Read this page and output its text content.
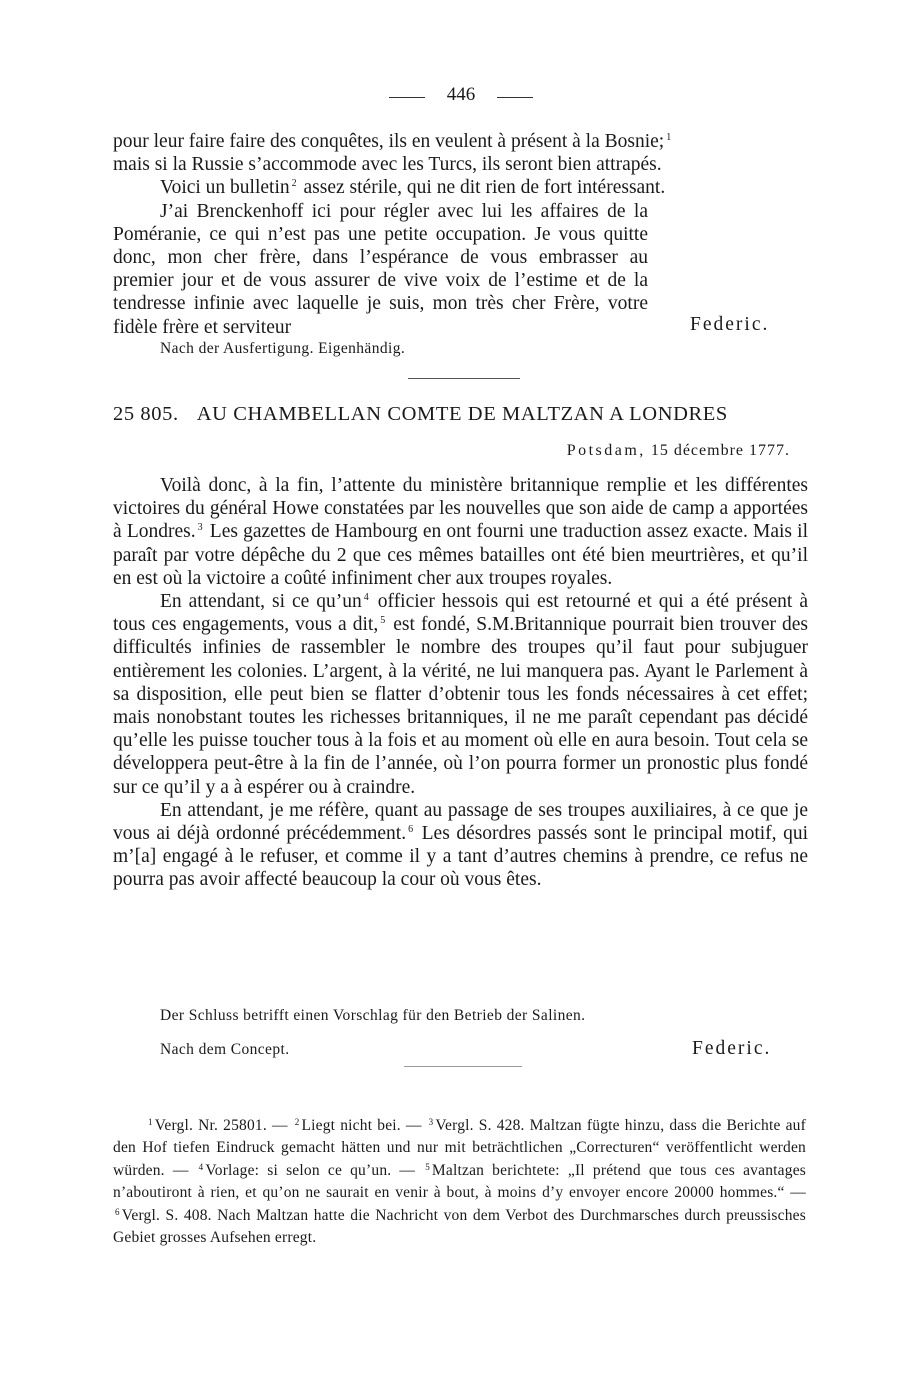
446

pour leur faire faire des conquêtes, ils en veulent à présent à la Bosnie; $^1$
mais si la Russie s’accommode avec les Turcs, ils seront bien attrapés.

Voici un bulletin $^2$ assez stérile, qui ne dit rien de fort intéressant.

J’ai Brenckenhoff ici pour régler avec lui les affaires de la Poméranie, ce qui n’est pas une petite occupation. Je vous quitte donc, mon cher frère, dans l’espérance de vous embrasser au premier jour et de vous assurer de vive voix de l’estime et de la tendresse infinie avec laquelle je suis, mon très cher Frère, votre fidèle frère et serviteur	Federic.
Nach der Ausfertigung. Eigenhändig.
25 805. AU CHAMBELLAN COMTE DE MALTZAN A LONDRES
Potsdam, 15 décembre 1777.

Voilà donc, à la fin, l’attente du ministère britannique remplie et les différentes victoires du général Howe constatées par les nouvelles que son aide de camp a apportées à Londres. $^3$ Les gazettes de Hambourg en ont fourni une traduction assez exacte. Mais il paraît par votre dépêche du 2 que ces mêmes batailles ont été bien meurtrières, et qu’il en est où la victoire a coûté infiniment cher aux troupes royales.

En attendant, si ce qu’un $^4$ officier hessois qui est retourné et qui a été présent à tous ces engagements, vous a dit, $^5$ est fondé, S.M.Britannique pourrait bien trouver des difficultés infinies de rassembler le nombre des troupes qu’il faut pour subjuguer entièrement les colonies. L’argent, à la vérité, ne lui manquera pas. Ayant le Parlement à sa disposition, elle peut bien se flatter d’obtenir tous les fonds nécessaires à cet effet; mais nonobstant toutes les richesses britanniques, il ne me paraît cependant pas décidé qu’elle les puisse toucher tous à la fois et au moment où elle en aura besoin. Tout cela se développera peut-être à la fin de l’année, où l’on pourra former un pronostic plus fondé sur ce qu’il y a à espérer ou à craindre.

En attendant, je me réfère, quant au passage de ses troupes auxiliaires, à ce que je vous ai déjà ordonné précédemment. $^6$ Les désordres passés sont le principal motif, qui m’[a] engagé à le refuser, et comme il y a tant d’autres chemins à prendre, ce refus ne pourra pas avoir affecté beaucoup la cour où vous êtes.

Der Schluss betrifft einen Vorschlag für den Betrieb der Salinen.
Nach dem Concept.	Federic.

$^1$ Vergl. Nr. 25801. — $^2$ Liegt nicht bei. — $^3$ Vergl. S. 428. Maltzan fügte hinzu, dass die Berichte auf den Hof tiefen Eindruck gemacht hätten und nur mit beträchtlichen „Correcturen“ veröffentlicht werden würden. — $^4$ Vorlage: si selon ce qu’un. — $^5$ Maltzan berichtete: „Il prétend que tous ces avantages n’aboutiront à rien, et qu’on ne saurait en venir à bout, à moins d’y envoyer encore 20000 hommes.“ — $^6$ Vergl. S. 408. Nach Maltzan hatte die Nachricht von dem Verbot des Durchmarsches durch preussisches Gebiet grosses Aufsehen erregt.
